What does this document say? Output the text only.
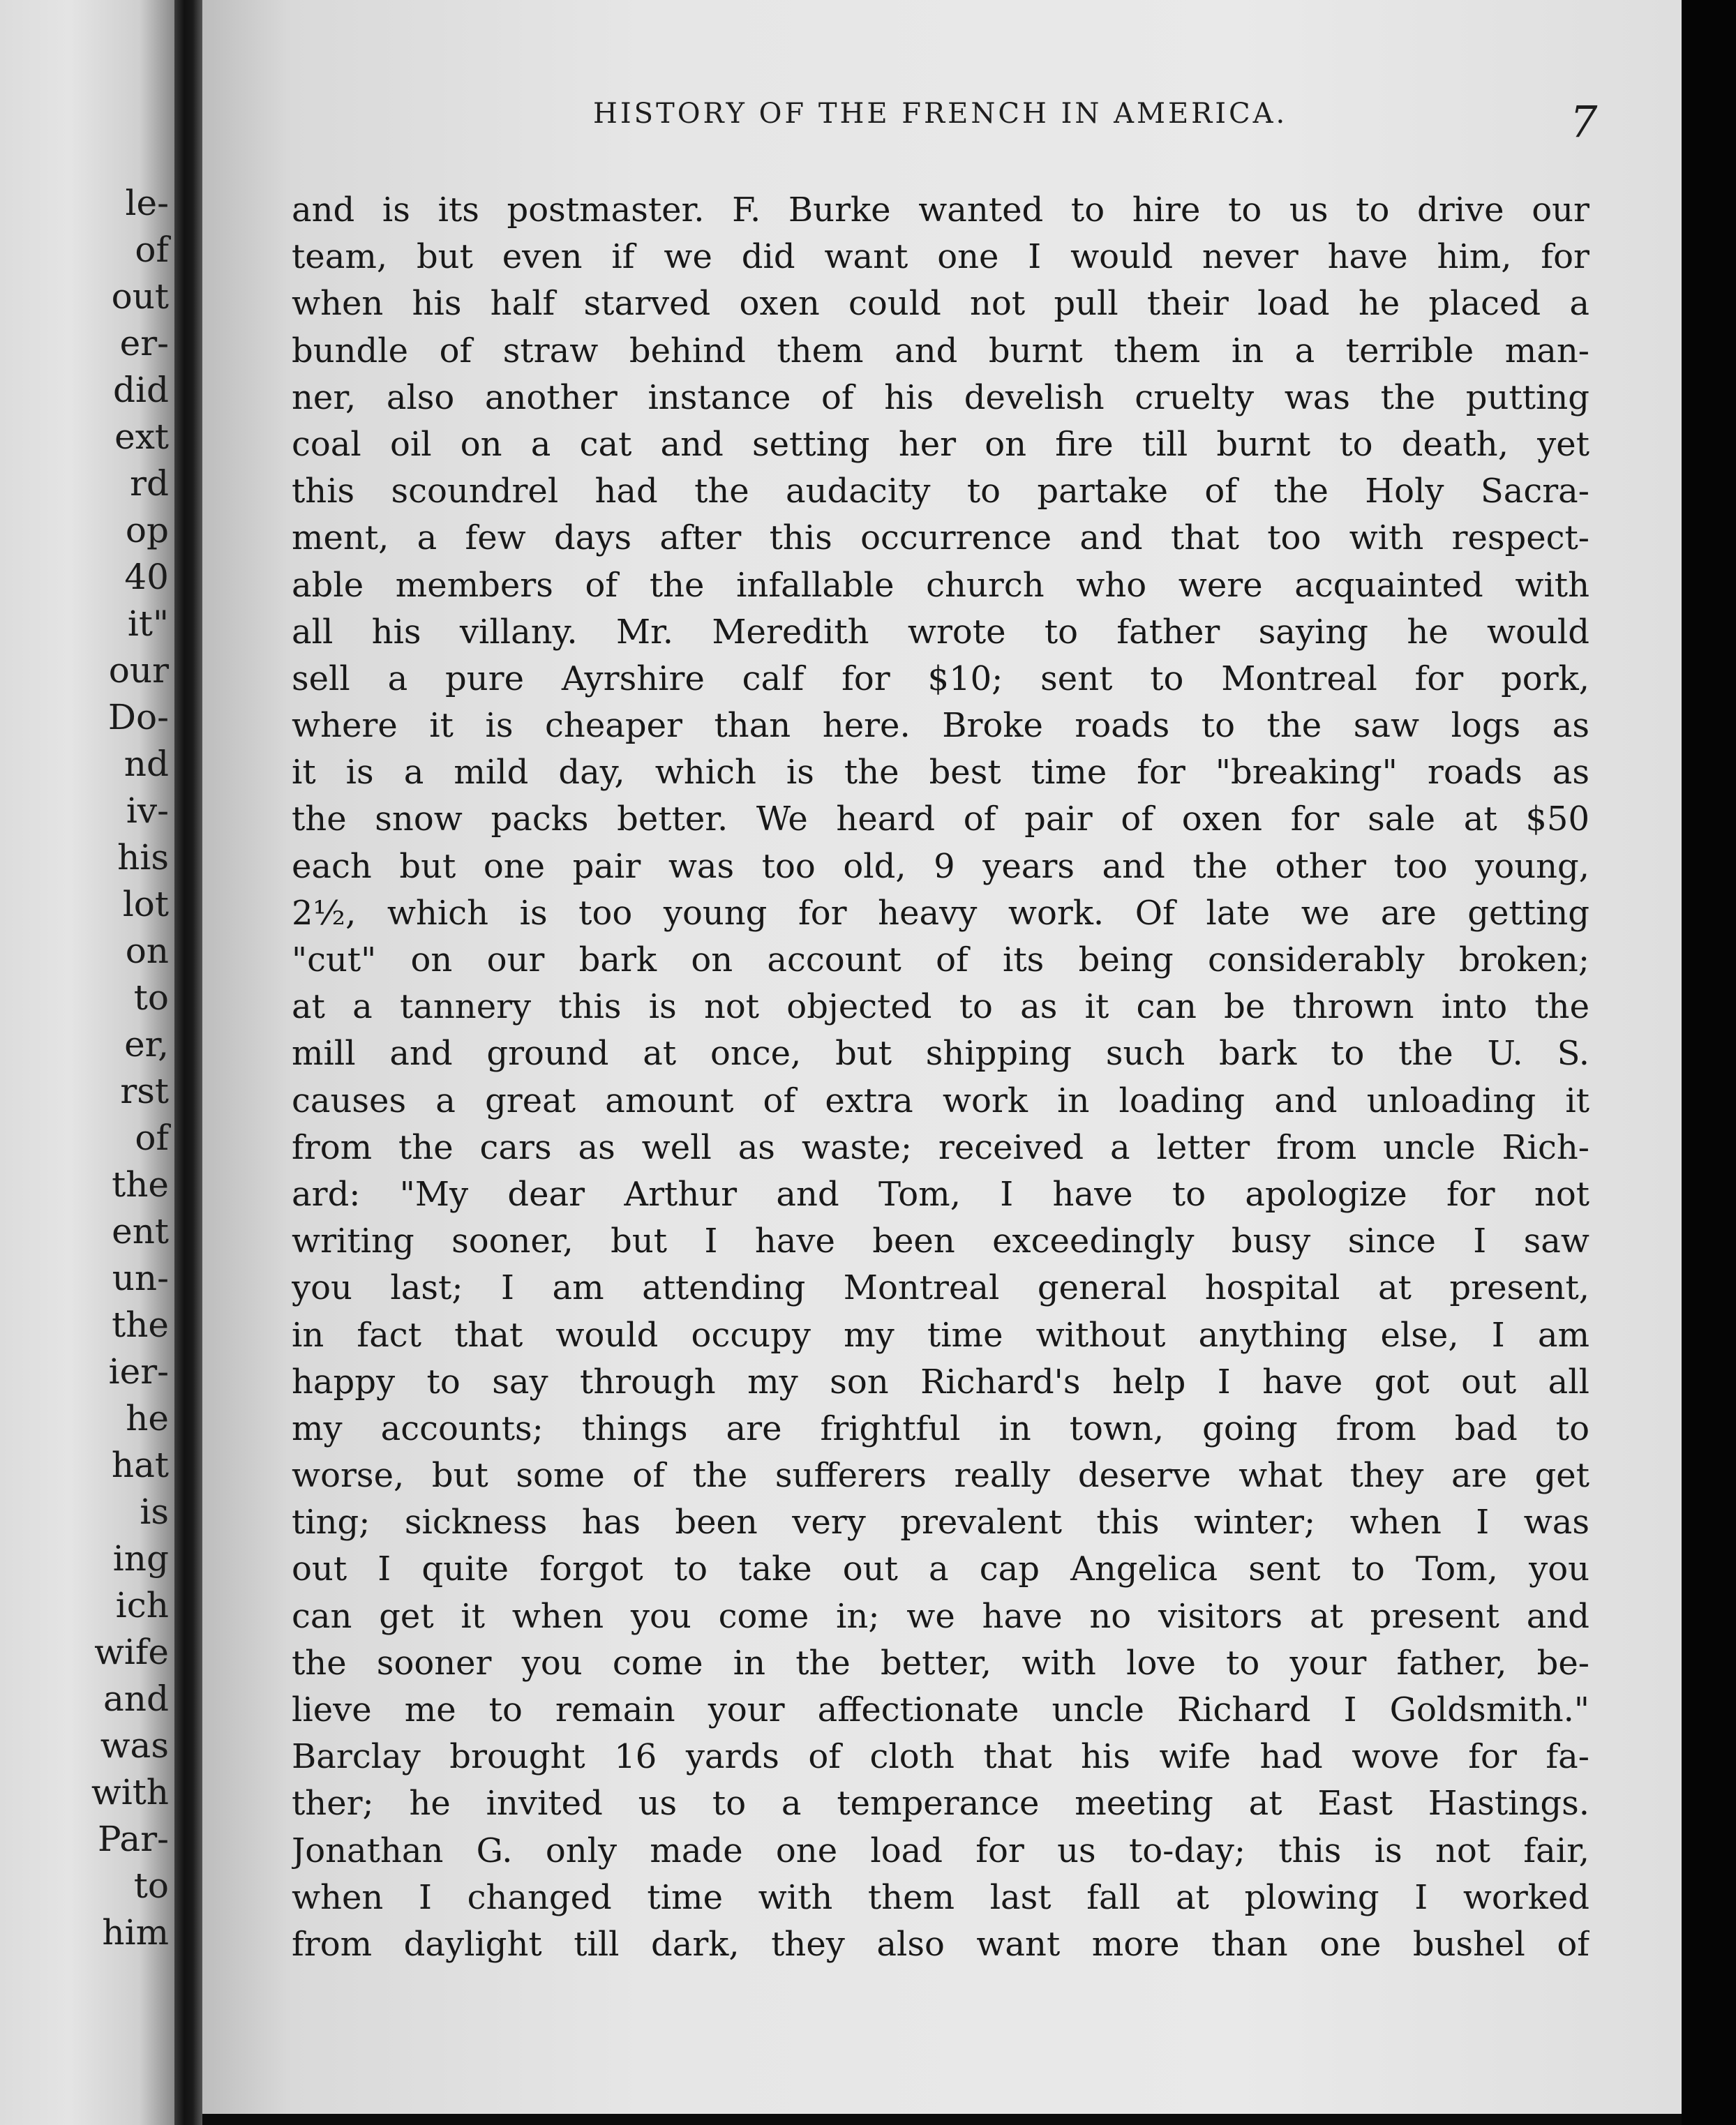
le-
of
out
er-
did
ext
rd
op
40
it"
our
Do-
nd
iv-
his
lot
on
to
er,
rst
of
the
ent
un-
the
ier-
he
hat
is
ing
ich
wife
and
was
with
Par-
to
him
HISTORY OF THE FRENCH IN AMERICA.	7
and is its postmaster. F. Burke wanted to hire to us to drive our
team, but even if we did want one I would never have him, for
when his half starved oxen could not pull their load he placed a
bundle of straw behind them and burnt them in a terrible man-
ner, also another instance of his develish cruelty was the putting
coal oil on a cat and setting her on fire till burnt to death, yet
this scoundrel had the audacity to partake of the Holy Sacra-
ment, a few days after this occurrence and that too with respect-
able members of the infallable church who were acquainted with
all his villany. Mr. Meredith wrote to father saying he would
sell a pure Ayrshire calf for $10; sent to Montreal for pork,
where it is cheaper than here. Broke roads to the saw logs as
it is a mild day, which is the best time for "breaking" roads as
the snow packs better. We heard of pair of oxen for sale at $50
each but one pair was too old, 9 years and the other too young,
2½, which is too young for heavy work. Of late we are getting
"cut" on our bark on account of its being considerably broken;
at a tannery this is not objected to as it can be thrown into the
mill and ground at once, but shipping such bark to the U. S.
causes a great amount of extra work in loading and unloading it
from the cars as well as waste; received a letter from uncle Rich-
ard: "My dear Arthur and Tom, I have to apologize for not
writing sooner, but I have been exceedingly busy since I saw
you last; I am attending Montreal general hospital at present,
in fact that would occupy my time without anything else, I am
happy to say through my son Richard's help I have got out all
my accounts; things are frightful in town, going from bad to
worse, but some of the sufferers really deserve what they are get
ting; sickness has been very prevalent this winter; when I was
out I quite forgot to take out a cap Angelica sent to Tom, you
can get it when you come in; we have no visitors at present and
the sooner you come in the better, with love to your father, be-
lieve me to remain your affectionate uncle Richard I Goldsmith."
Barclay brought 16 yards of cloth that his wife had wove for fa-
ther; he invited us to a temperance meeting at East Hastings.
Jonathan G. only made one load for us to-day; this is not fair,
when I changed time with them last fall at plowing I worked
from daylight till dark, they also want more than one bushel of
